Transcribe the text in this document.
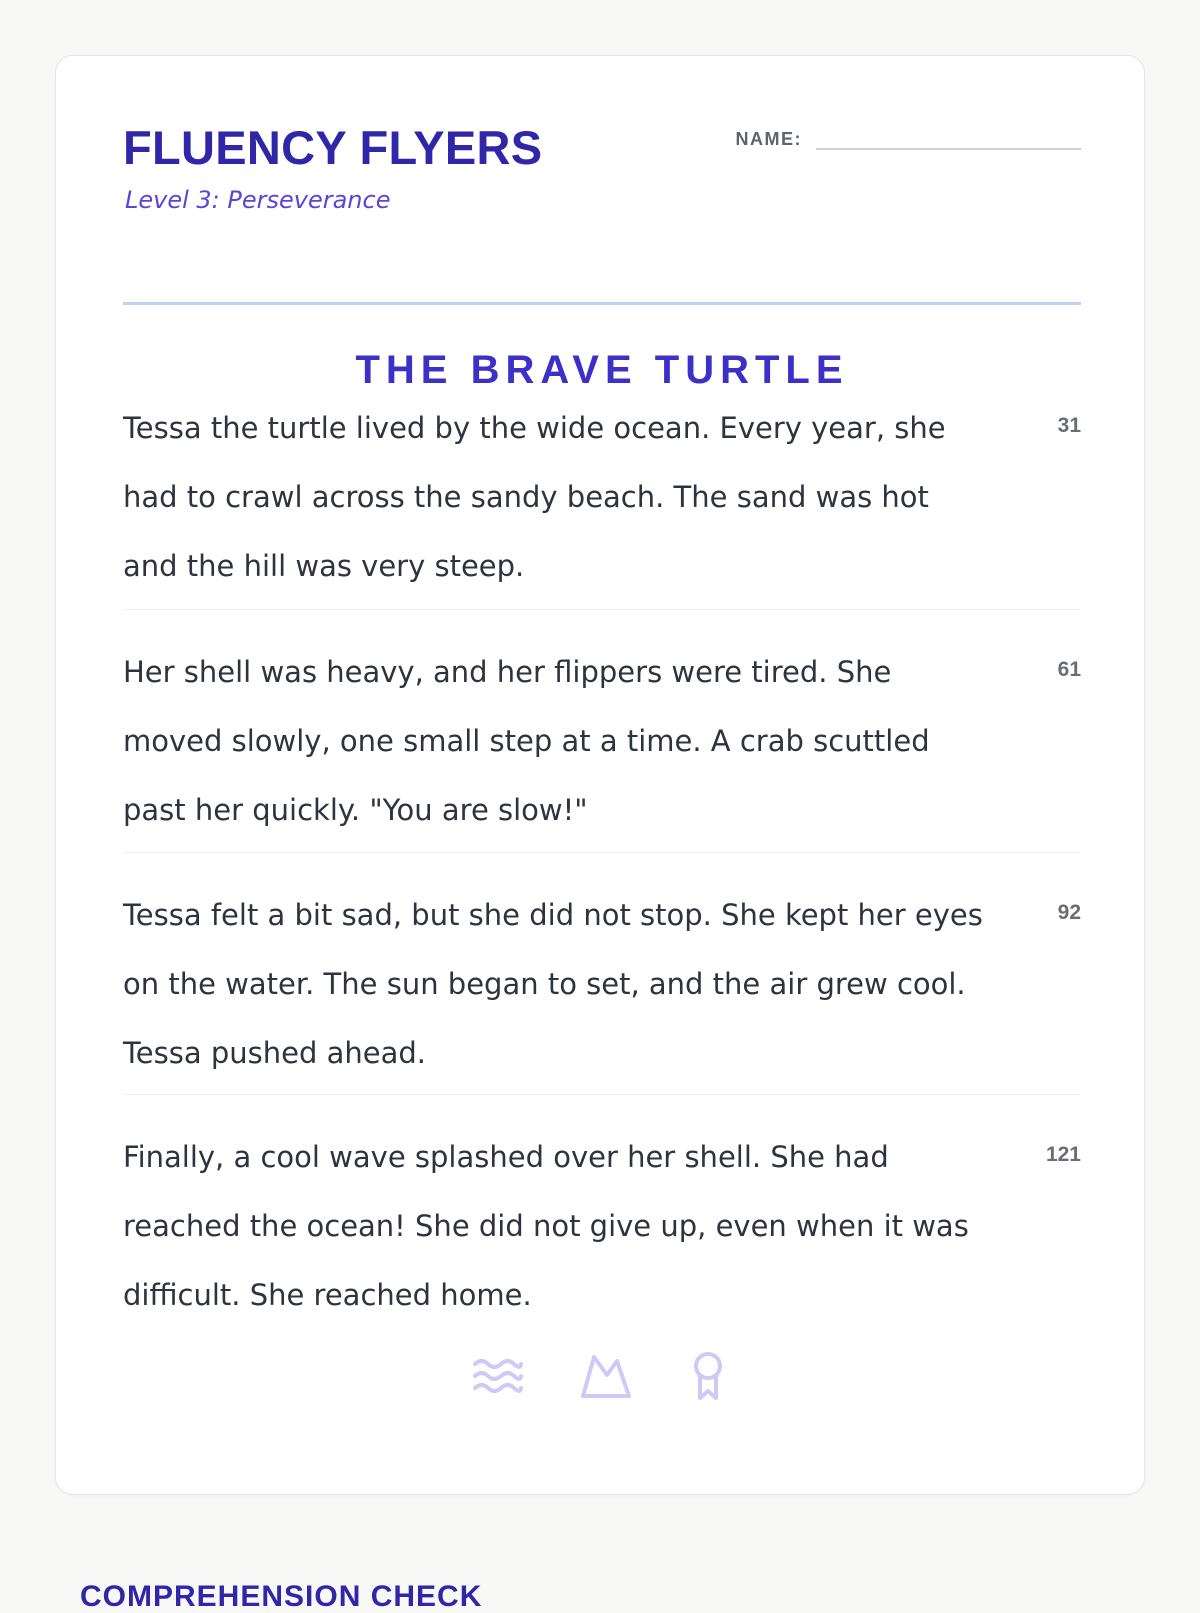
FLUENCY FLYERS
Level 3: Perseverance
NAME:
THE BRAVE TURTLE

Tessa the turtle lived by the wide ocean. Every year, she had to crawl across the sandy beach. The sand was hot and the hill was very steep.

31

Her shell was heavy, and her flippers were tired. She moved slowly, one small step at a time. A crab scuttled past her quickly. "You are slow!"

61

Tessa felt a bit sad, but she did not stop. She kept her eyes on the water. The sun began to set, and the air grew cool. Tessa pushed ahead.

92

Finally, a cool wave splashed over her shell. She had reached the ocean! She did not give up, even when it was difficult. She reached home.

121
COMPREHENSION CHECK
